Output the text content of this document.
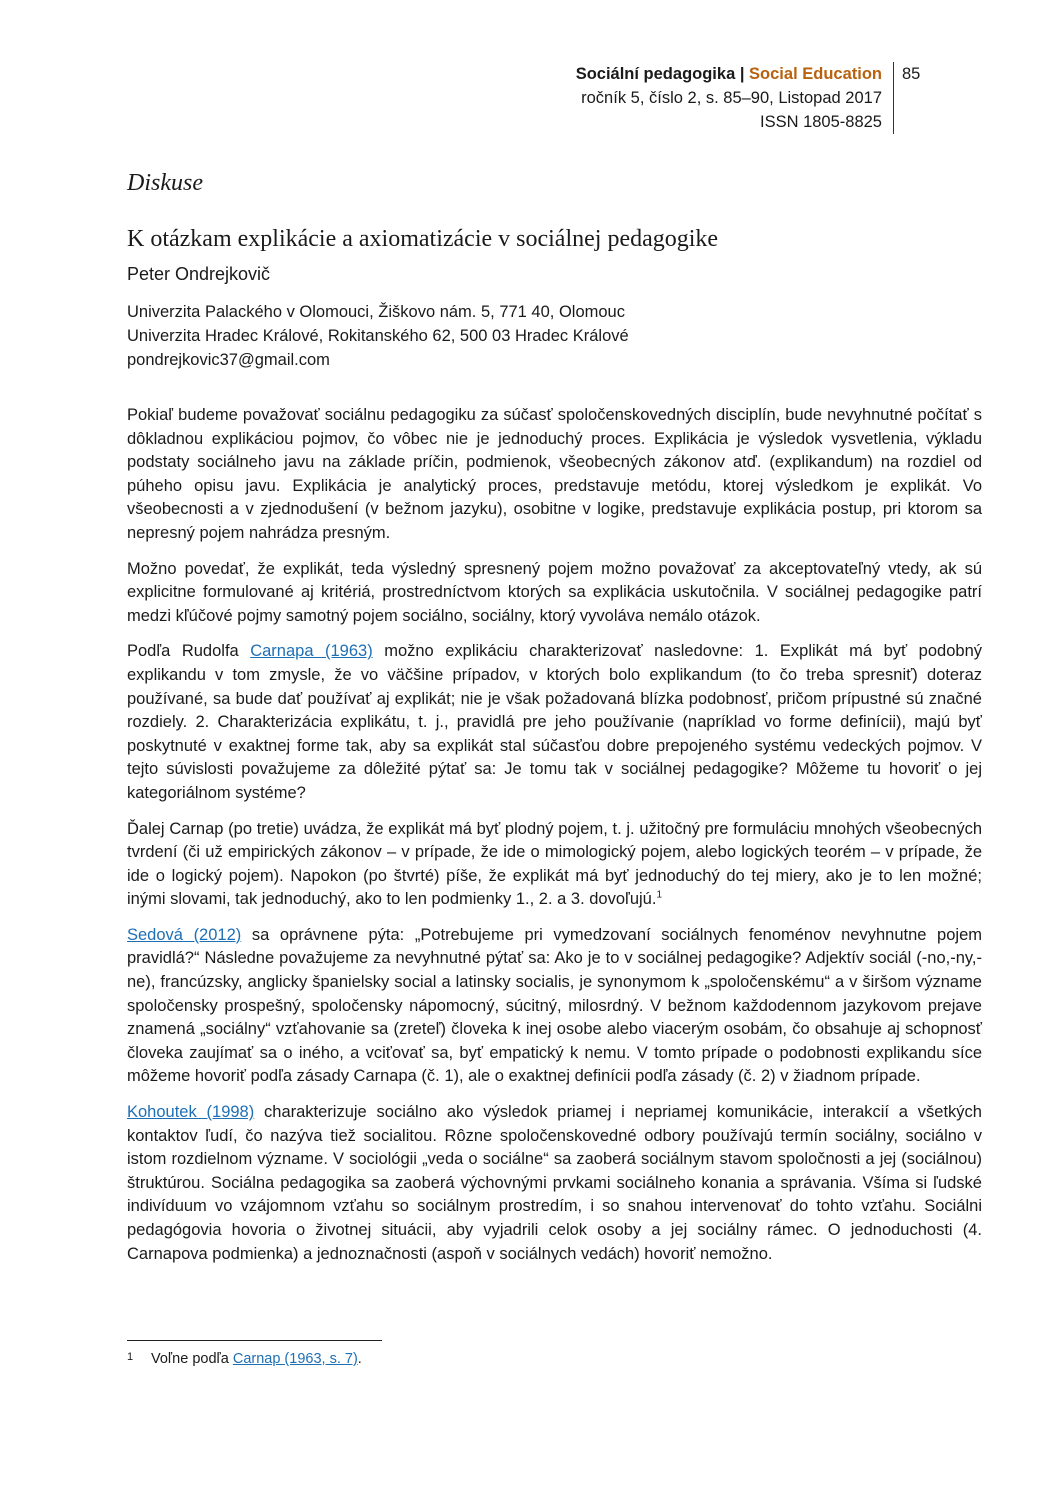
Sociální pedagogika | Social Education
ročník 5, číslo 2, s. 85–90, Listopad 2017
ISSN 1805-8825
85
Diskuse
K otázkam explikácie a axiomatizácie v sociálnej pedagogike
Peter Ondrejkovič
Univerzita Palackého v Olomouci, Žiškovo nám. 5, 771 40, Olomouc
Univerzita Hradec Králové, Rokitanského 62, 500 03 Hradec Králové
pondrejkovic37@gmail.com

Pokiaľ budeme považovať sociálnu pedagogiku za súčasť spoločenskovedných disciplín, bude nevyhnutné počítať s dôkladnou explikáciou pojmov, čo vôbec nie je jednoduchý proces. Explikácia je výsledok vysvetlenia, výkladu podstaty sociálneho javu na základe príčin, podmienok, všeobecných zákonov atď. (explikandum) na rozdiel od púheho opisu javu. Explikácia je analytický proces, predstavuje metódu, ktorej výsledkom je explikát. Vo všeobecnosti a v zjednodušení (v bežnom jazyku), osobitne v logike, predstavuje explikácia postup, pri ktorom sa nepresný pojem nahrádza presným.

Možno povedať, že explikát, teda výsledný spresnený pojem možno považovať za akceptovateľný vtedy, ak sú explicitne formulované aj kritériá, prostredníctvom ktorých sa explikácia uskutočnila. V sociálnej pedagogike patrí medzi kľúčové pojmy samotný pojem sociálno, sociálny, ktorý vyvoláva nemálo otázok.

Podľa Rudolfa Carnapa (1963) možno explikáciu charakterizovať nasledovne: 1. Explikát má byť podobný explikandu v tom zmysle, že vo väčšine prípadov, v ktorých bolo explikandum (to čo treba spresniť) doteraz používané, sa bude dať používať aj explikát; nie je však požadovaná blízka podobnosť, pričom prípustné sú značné rozdiely. 2. Charakterizácia explikátu, t. j., pravidlá pre jeho používanie (napríklad vo forme definícii), majú byť poskytnuté v exaktnej forme tak, aby sa explikát stal súčasťou dobre prepojeného systému vedeckých pojmov. V tejto súvislosti považujeme za dôležité pýtať sa: Je tomu tak v sociálnej pedagogike? Môžeme tu hovoriť o jej kategoriálnom systéme?

Ďalej Carnap (po tretie) uvádza, že explikát má byť plodný pojem, t. j. užitočný pre formuláciu mnohých všeobecných tvrdení (či už empirických zákonov – v prípade, že ide o mimologický pojem, alebo logických teorém – v prípade, že ide o logický pojem). Napokon (po štvrté) píše, že explikát má byť jednoduchý do tej miery, ako je to len možné; inými slovami, tak jednoduchý, ako to len podmienky 1., 2. a 3. dovoľujú.$^1$

Sedová (2012) sa oprávnene pýta: „Potrebujeme pri vymedzovaní sociálnych fenoménov nevyhnutne pojem pravidlá?“ Následne považujeme za nevyhnutné pýtať sa: Ako je to v sociálnej pedagogike? Adjektív sociál (-no,-ny,-ne), francúzsky, anglicky španielsky social a latinsky socialis, je synonymom k „spoločenskému“ a v širšom význame spoločensky prospešný, spoločensky nápomocný, súcitný, milosrdný. V bežnom každodennom jazykovom prejave znamená „sociálny“ vzťahovanie sa (zreteľ) človeka k inej osobe alebo viacerým osobám, čo obsahuje aj schopnosť človeka zaujímať sa o iného, a vciťovať sa, byť empatický k nemu. V tomto prípade o podobnosti explikandu síce môžeme hovoriť podľa zásady Carnapa (č. 1), ale o exaktnej definícii podľa zásady (č. 2) v žiadnom prípade.

Kohoutek (1998) charakterizuje sociálno ako výsledok priamej i nepriamej komunikácie, interakcií a všetkých kontaktov ľudí, čo nazýva tiež socialitou. Rôzne spoločenskovedné odbory používajú termín sociálny, sociálno v istom rozdielnom význame. V sociológii „veda o sociálne“ sa zaoberá sociálnym stavom spoločnosti a jej (sociálnou) štruktúrou. Sociálna pedagogika sa zaoberá výchovnými prvkami sociálneho konania a správania. Všíma si ľudské indivíduum vo vzájomnom vzťahu so sociálnym prostredím, i so snahou intervenovať do tohto vzťahu. Sociálni pedagógovia hovoria o životnej situácii, aby vyjadrili celok osoby a jej sociálny rámec. O jednoduchosti (4. Carnapova podmienka) a jednoznačnosti (aspoň v sociálnych vedách) hovoriť nemožno.

1 Voľne podľa Carnap (1963, s. 7).
